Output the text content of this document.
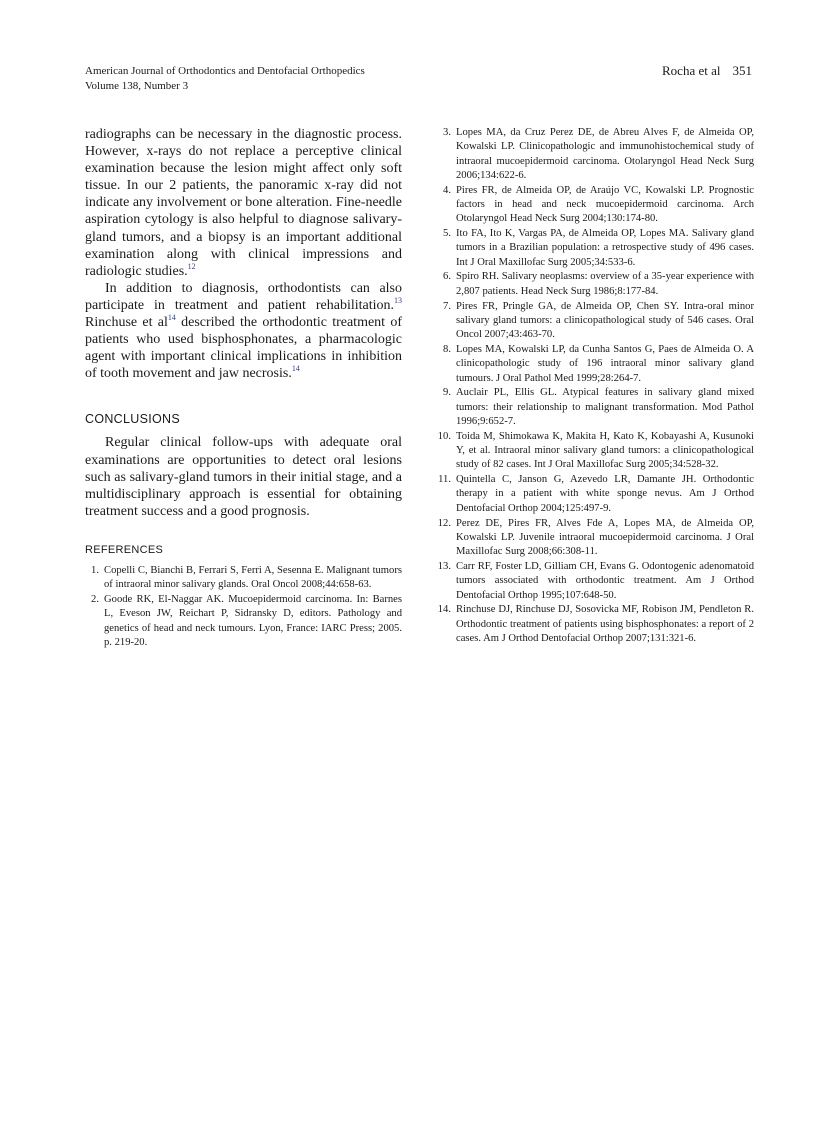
American Journal of Orthodontics and Dentofacial Orthopedics
Volume 138, Number 3
Rocha et al 351

radiographs can be necessary in the diagnostic process. However, x-rays do not replace a perceptive clinical examination because the lesion might affect only soft tissue. In our 2 patients, the panoramic x-ray did not indicate any involvement or bone alteration. Fine-needle aspiration cytology is also helpful to diagnose salivary-gland tumors, and a biopsy is an important additional examination along with clinical impressions and radiologic studies.$^{12}$

In addition to diagnosis, orthodontists can also participate in treatment and patient rehabilitation.$^{13}$ Rinchuse et $al^{14}$ described the orthodontic treatment of patients who used bisphosphonates, a pharmacologic agent with important clinical implications in inhibition of tooth movement and jaw necrosis.$^{14}$

CONCLUSIONS

Regular clinical follow-ups with adequate oral examinations are opportunities to detect oral lesions such as salivary-gland tumors in their initial stage, and a multidisciplinary approach is essential for obtaining treatment success and a good prognosis.

REFERENCES
1. Copelli C, Bianchi B, Ferrari S, Ferri A, Sesenna E. Malignant tumors of intraoral minor salivary glands. Oral Oncol 2008;44:658-63.
2. Goode RK, El-Naggar AK. Mucoepidermoid carcinoma. In: Barnes L, Eveson JW, Reichart P, Sidransky D, editors. Pathology and genetics of head and neck tumours. Lyon, France: IARC Press; 2005. p. 219-20.
3. Lopes MA, da Cruz Perez DE, de Abreu Alves F, de Almeida OP, Kowalski LP. Clinicopathologic and immunohistochemical study of intraoral mucoepidermoid carcinoma. Otolaryngol Head Neck Surg 2006;134:622-6.
4. Pires FR, de Almeida OP, de Araújo VC, Kowalski LP. Prognostic factors in head and neck mucoepidermoid carcinoma. Arch Otolaryngol Head Neck Surg 2004;130:174-80.
5. Ito FA, Ito K, Vargas PA, de Almeida OP, Lopes MA. Salivary gland tumors in a Brazilian population: a retrospective study of 496 cases. Int J Oral Maxillofac Surg 2005;34:533-6.
6. Spiro RH. Salivary neoplasms: overview of a 35-year experience with 2,807 patients. Head Neck Surg 1986;8:177-84.
7. Pires FR, Pringle GA, de Almeida OP, Chen SY. Intra-oral minor salivary gland tumors: a clinicopathological study of 546 cases. Oral Oncol 2007;43:463-70.
8. Lopes MA, Kowalski LP, da Cunha Santos G, Paes de Almeida O. A clinicopathologic study of 196 intraoral minor salivary gland tumours. J Oral Pathol Med 1999;28:264-7.
9. Auclair PL, Ellis GL. Atypical features in salivary gland mixed tumors: their relationship to malignant transformation. Mod Pathol 1996;9:652-7.
10. Toida M, Shimokawa K, Makita H, Kato K, Kobayashi A, Kusunoki Y, et al. Intraoral minor salivary gland tumors: a clinicopathological study of 82 cases. Int J Oral Maxillofac Surg 2005;34:528-32.
11. Quintella C, Janson G, Azevedo LR, Damante JH. Orthodontic therapy in a patient with white sponge nevus. Am J Orthod Dentofacial Orthop 2004;125:497-9.
12. Perez DE, Pires FR, Alves Fde A, Lopes MA, de Almeida OP, Kowalski LP. Juvenile intraoral mucoepidermoid carcinoma. J Oral Maxillofac Surg 2008;66:308-11.
13. Carr RF, Foster LD, Gilliam CH, Evans G. Odontogenic adenomatoid tumors associated with orthodontic treatment. Am J Orthod Dentofacial Orthop 1995;107:648-50.
14. Rinchuse DJ, Rinchuse DJ, Sosovicka MF, Robison JM, Pendleton R. Orthodontic treatment of patients using bisphosphonates: a report of 2 cases. Am J Orthod Dentofacial Orthop 2007;131:321-6.
